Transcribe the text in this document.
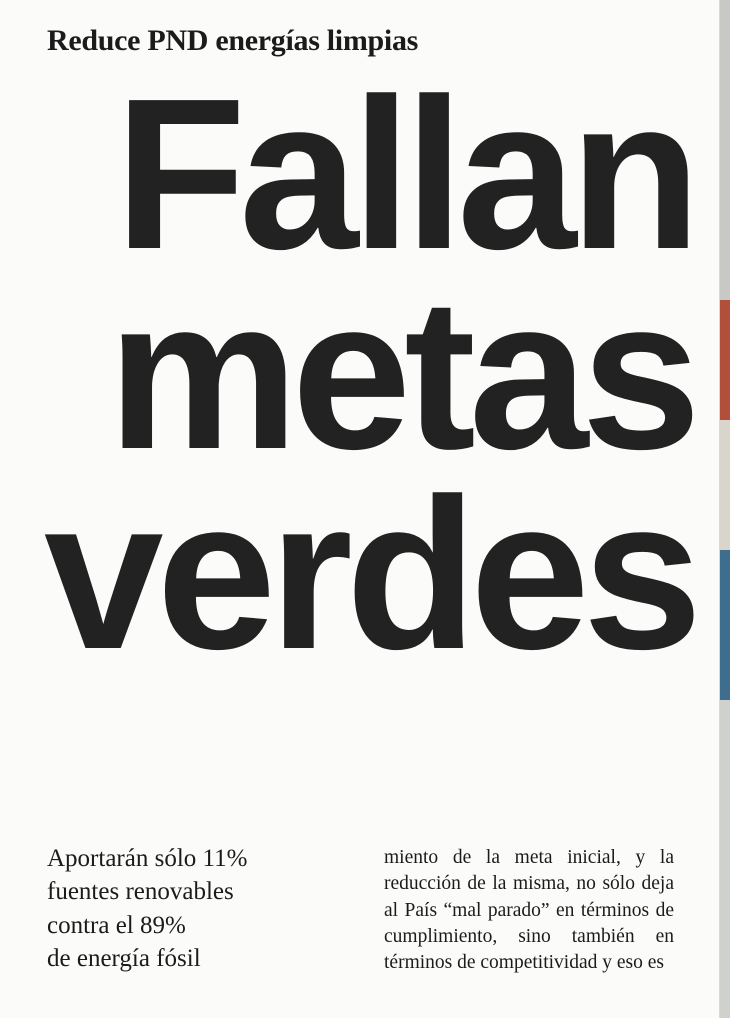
Reduce PND energías limpias
Fallan
metas
verdes
Aportarán sólo 11%
fuentes renovables
contra el 89%
de energía fósil

miento de la meta inicial, y la reducción de la misma, no sólo deja al País “mal parado” en términos de cumplimiento, sino también en términos de competitividad y eso es
